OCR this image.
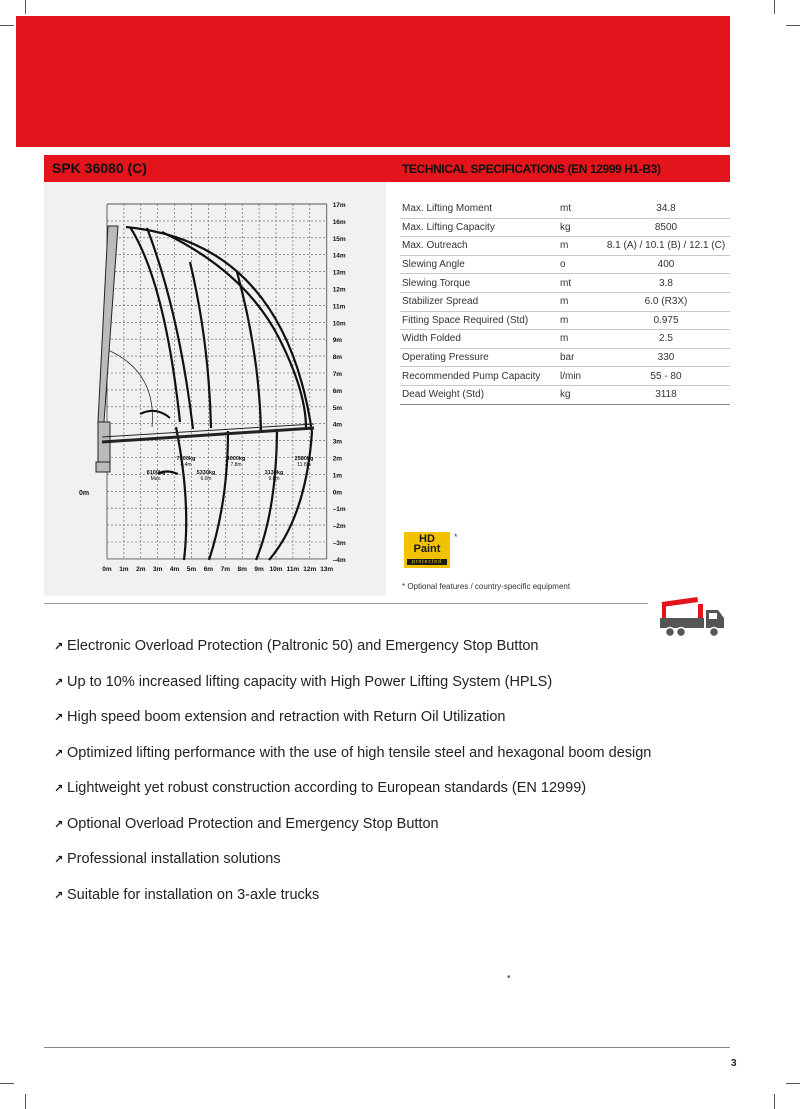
SPK 36080 (C)	TECHNICAL SPECIFICATIONS (EN 12999 H1-B3)
17m
16m
15m
14m
13m
12m
11m
10m
9m
8m
7m
6m
5m
4m
3m
2m
1m
0m
–1m
–2m
–3m
–4m
0m 1m 2m 3m 4m 5m 6m 7m 8m 9m 10m 11m 12m 13m
0m
8100kg
Max.
7300kg
4.4m
5330kg
6.0m
4000kg
7.8m
3130kg
9.8m
2580kg
11.8m
Max. Lifting Moment	mt	34.8
Max. Lifting Capacity	kg	8500
Max. Outreach	m	8.1 (A) / 10.1 (B) / 12.1 (C)
Slewing Angle	o	400
Slewing Torque	mt	3.8
Stabilizer Spread	m	6.0 (R3X)
Fitting Space Required (Std)	m	0.975
Width Folded	m	2.5
Operating Pressure	bar	330
Recommended Pump Capacity	l/min	55 - 80
Dead Weight (Std)	kg	3118
HD
Paint
protected
*
* Optional features / country-specific equipment
↗ Electronic Overload Protection (Paltronic 50) and Emergency Stop Button
↗ Up to 10% increased lifting capacity with High Power Lifting System (HPLS)
↗ High speed boom extension and retraction with Return Oil Utilization
↗ Optimized lifting performance with the use of high tensile steel and hexagonal boom design
↗ Lightweight yet robust construction according to European standards (EN 12999)
↗ Optional Overload Protection and Emergency Stop Button
↗ Professional installation solutions
↗ Suitable for installation on 3-axle trucks
•
3
